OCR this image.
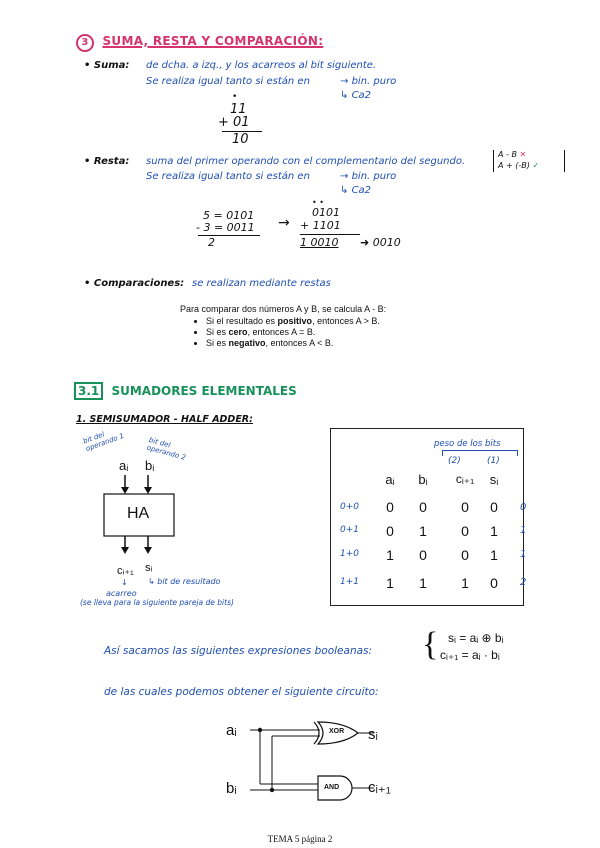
3 SUMA, RESTA Y COMPARACIÓN:
• Suma: de dcha. a izq., y los acarreos al bit siguiente.
Se realiza igual tanto si están en	→ bin. puro
↳ Ca2
•
11
+ 01
10
• Resta: suma del primer operando con el complementario del segundo.
Se realiza igual tanto si están en	→ bin. puro
↳ Ca2
A - B ✕
A + (-B) ✓
5 = 0101
- 3 = 0011
2
→
• •
0101
+ 1101
1 0010 ➜ 0010
• Comparaciones: se realizan mediante restas
Para comparar dos números A y B, se calcula A - B:
• Si el resultado es positivo, entonces A > B.
• Si es cero, entonces A = B.
• Si es negativo, entonces A < B.
3.1 SUMADORES ELEMENTALES
1. SEMISUMADOR - HALF ADDER:
bit del operando 1	bit del operando 2
aᵢ bᵢ
HA
cᵢ₊₁ sᵢ
↳ bit de resultado
↓
acarreo
(se lleva para la siguiente pareja de bits)
peso de los bits
(2)	(1)
aᵢ	bᵢ	cᵢ₊₁	sᵢ
0+0	0	0	0	0	0
0+1	0	1	0	1	1
1+0	1	0	0	1	1
1+1	1	1	1	0	2
Así sacamos las siguientes expresiones booleanas: { sᵢ = aᵢ ⊕ bᵢ
cᵢ₊₁ = aᵢ · bᵢ
de las cuales podemos obtener el siguiente circuito:
aᵢ
bᵢ
XOR
AND
sᵢ
cᵢ₊₁
TEMA 5 página 2
